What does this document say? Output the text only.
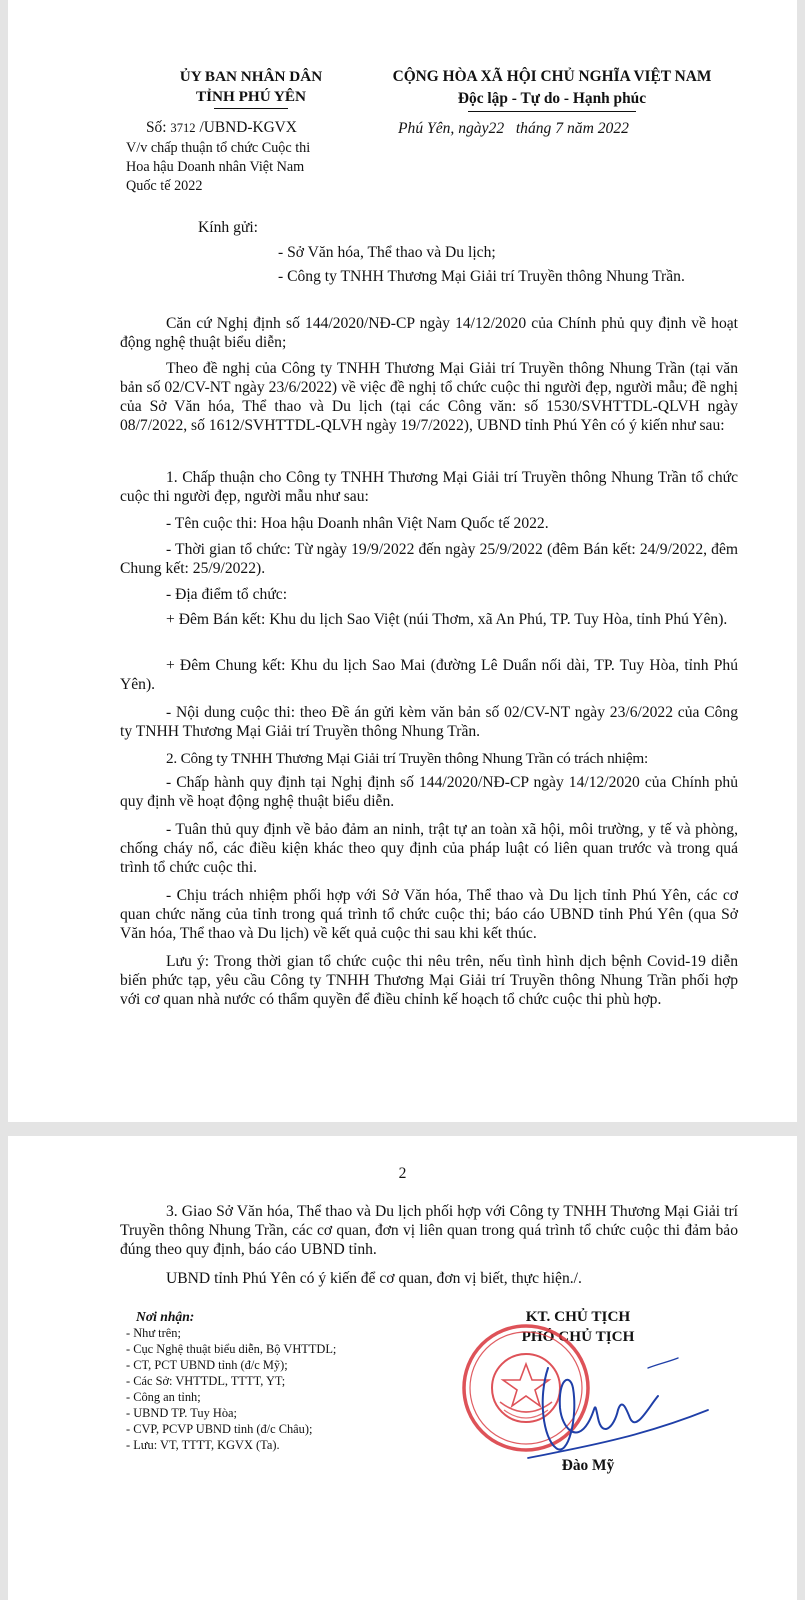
ỦY BAN NHÂN DÂN

TỈNH PHÚ YÊN

CỘNG HÒA XÃ HỘI CHỦ NGHĨA VIỆT NAM

Độc lập - Tự do - Hạnh phúc

Số: 3712 /UBND-KGVX

V/v chấp thuận tổ chức Cuộc thi

Hoa hậu Doanh nhân Việt Nam

Quốc tế 2022

Phú Yên, ngày22 tháng 7 năm 2022

Kính gửi:

- Sở Văn hóa, Thể thao và Du lịch;

- Công ty TNHH Thương Mại Giải trí Truyền thông Nhung Trần.

Căn cứ Nghị định số 144/2020/NĐ-CP ngày 14/12/2020 của Chính phủ quy định về hoạt động nghệ thuật biểu diễn;

Theo đề nghị của Công ty TNHH Thương Mại Giải trí Truyền thông Nhung Trần (tại văn bản số 02/CV-NT ngày 23/6/2022) về việc đề nghị tổ chức cuộc thi người đẹp, người mẫu; đề nghị của Sở Văn hóa, Thể thao và Du lịch (tại các Công văn: số 1530/SVHTTDL-QLVH ngày 08/7/2022, số 1612/SVHTTDL-QLVH ngày 19/7/2022), UBND tỉnh Phú Yên có ý kiến như sau:

1. Chấp thuận cho Công ty TNHH Thương Mại Giải trí Truyền thông Nhung Trần tổ chức cuộc thi người đẹp, người mẫu như sau:

- Tên cuộc thi: Hoa hậu Doanh nhân Việt Nam Quốc tế 2022.

- Thời gian tổ chức: Từ ngày 19/9/2022 đến ngày 25/9/2022 (đêm Bán kết: 24/9/2022, đêm Chung kết: 25/9/2022).

- Địa điểm tổ chức:

+ Đêm Bán kết: Khu du lịch Sao Việt (núi Thơm, xã An Phú, TP. Tuy Hòa, tỉnh Phú Yên).

+ Đêm Chung kết: Khu du lịch Sao Mai (đường Lê Duẩn nối dài, TP. Tuy Hòa, tỉnh Phú Yên).

- Nội dung cuộc thi: theo Đề án gửi kèm văn bản số 02/CV-NT ngày 23/6/2022 của Công ty TNHH Thương Mại Giải trí Truyền thông Nhung Trần.

2. Công ty TNHH Thương Mại Giải trí Truyền thông Nhung Trần có trách nhiệm:

- Chấp hành quy định tại Nghị định số 144/2020/NĐ-CP ngày 14/12/2020 của Chính phủ quy định về hoạt động nghệ thuật biểu diễn.

- Tuân thủ quy định về bảo đảm an ninh, trật tự an toàn xã hội, môi trường, y tế và phòng, chống cháy nổ, các điều kiện khác theo quy định của pháp luật có liên quan trước và trong quá trình tổ chức cuộc thi.

- Chịu trách nhiệm phối hợp với Sở Văn hóa, Thể thao và Du lịch tỉnh Phú Yên, các cơ quan chức năng của tỉnh trong quá trình tổ chức cuộc thi; báo cáo UBND tỉnh Phú Yên (qua Sở Văn hóa, Thể thao và Du lịch) về kết quả cuộc thi sau khi kết thúc.

Lưu ý: Trong thời gian tổ chức cuộc thi nêu trên, nếu tình hình dịch bệnh Covid-19 diễn biến phức tạp, yêu cầu Công ty TNHH Thương Mại Giải trí Truyền thông Nhung Trần phối hợp với cơ quan nhà nước có thẩm quyền để điều chỉnh kế hoạch tổ chức cuộc thi phù hợp.

2

3. Giao Sở Văn hóa, Thể thao và Du lịch phối hợp với Công ty TNHH Thương Mại Giải trí Truyền thông Nhung Trần, các cơ quan, đơn vị liên quan trong quá trình tổ chức cuộc thi đảm bảo đúng theo quy định, báo cáo UBND tỉnh.

UBND tỉnh Phú Yên có ý kiến để cơ quan, đơn vị biết, thực hiện./.

Nơi nhận:

- Như trên;

- Cục Nghệ thuật biểu diễn, Bộ VHTTDL;

- CT, PCT UBND tỉnh (đ/c Mỹ);

- Các Sở: VHTTDL, TTTT, YT;

- Công an tỉnh;

- UBND TP. Tuy Hòa;

- CVP, PCVP UBND tỉnh (đ/c Châu);

- Lưu: VT, TTTT, KGVX (Ta).

KT. CHỦ TỊCH

PHÓ CHỦ TỊCH

Đào Mỹ
